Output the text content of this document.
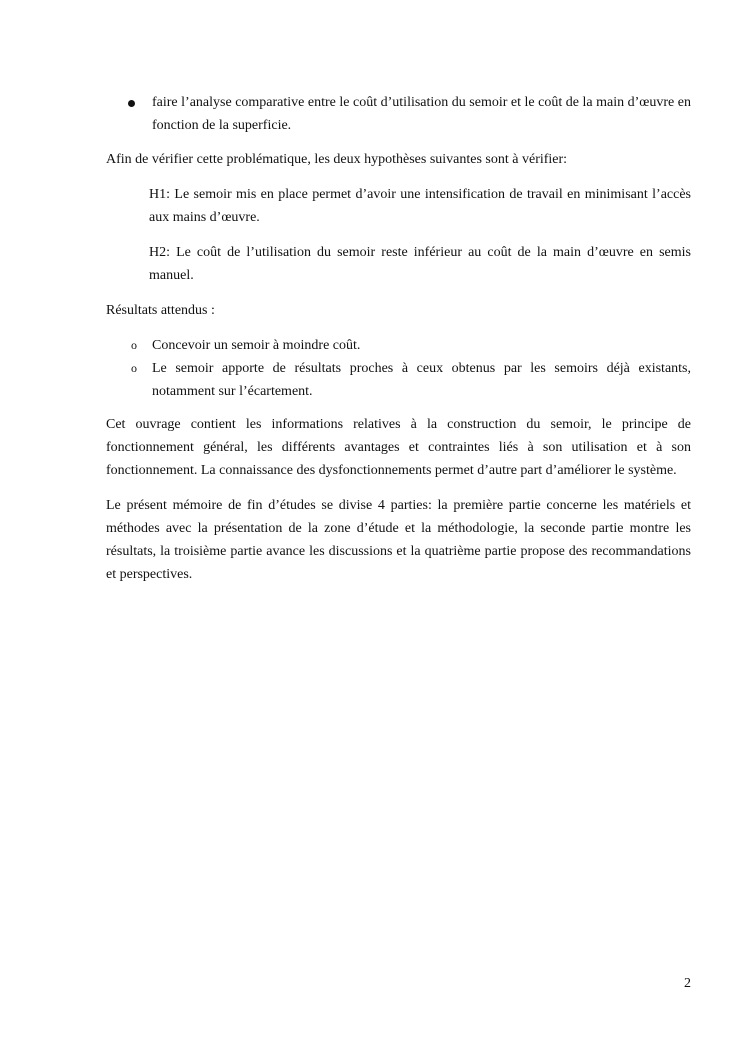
faire l’analyse comparative entre le coût d’utilisation du semoir et le coût de la main d’œuvre en fonction de la superficie.

Afin de vérifier cette problématique, les deux hypothèses suivantes sont à vérifier:

H1: Le semoir mis en place permet d’avoir une intensification de travail en minimisant l’accès aux mains d’œuvre.

H2: Le coût de l’utilisation du semoir reste inférieur au coût de la main d’œuvre en semis manuel.

Résultats attendus :

o Concevoir un semoir à moindre coût.
o Le semoir apporte de résultats proches à ceux obtenus par les semoirs déjà existants, notamment sur l’écartement.

Cet ouvrage contient les informations relatives à la construction du semoir, le principe de fonctionnement général, les différents avantages et contraintes liés à son utilisation et à son fonctionnement. La connaissance des dysfonctionnements permet d’autre part d’améliorer le système.

Le présent mémoire de fin d’études se divise 4 parties: la première partie concerne les matériels et méthodes avec la présentation de la zone d’étude et la méthodologie, la seconde partie montre les résultats, la troisième partie avance les discussions et la quatrième partie propose des recommandations et perspectives.

2
